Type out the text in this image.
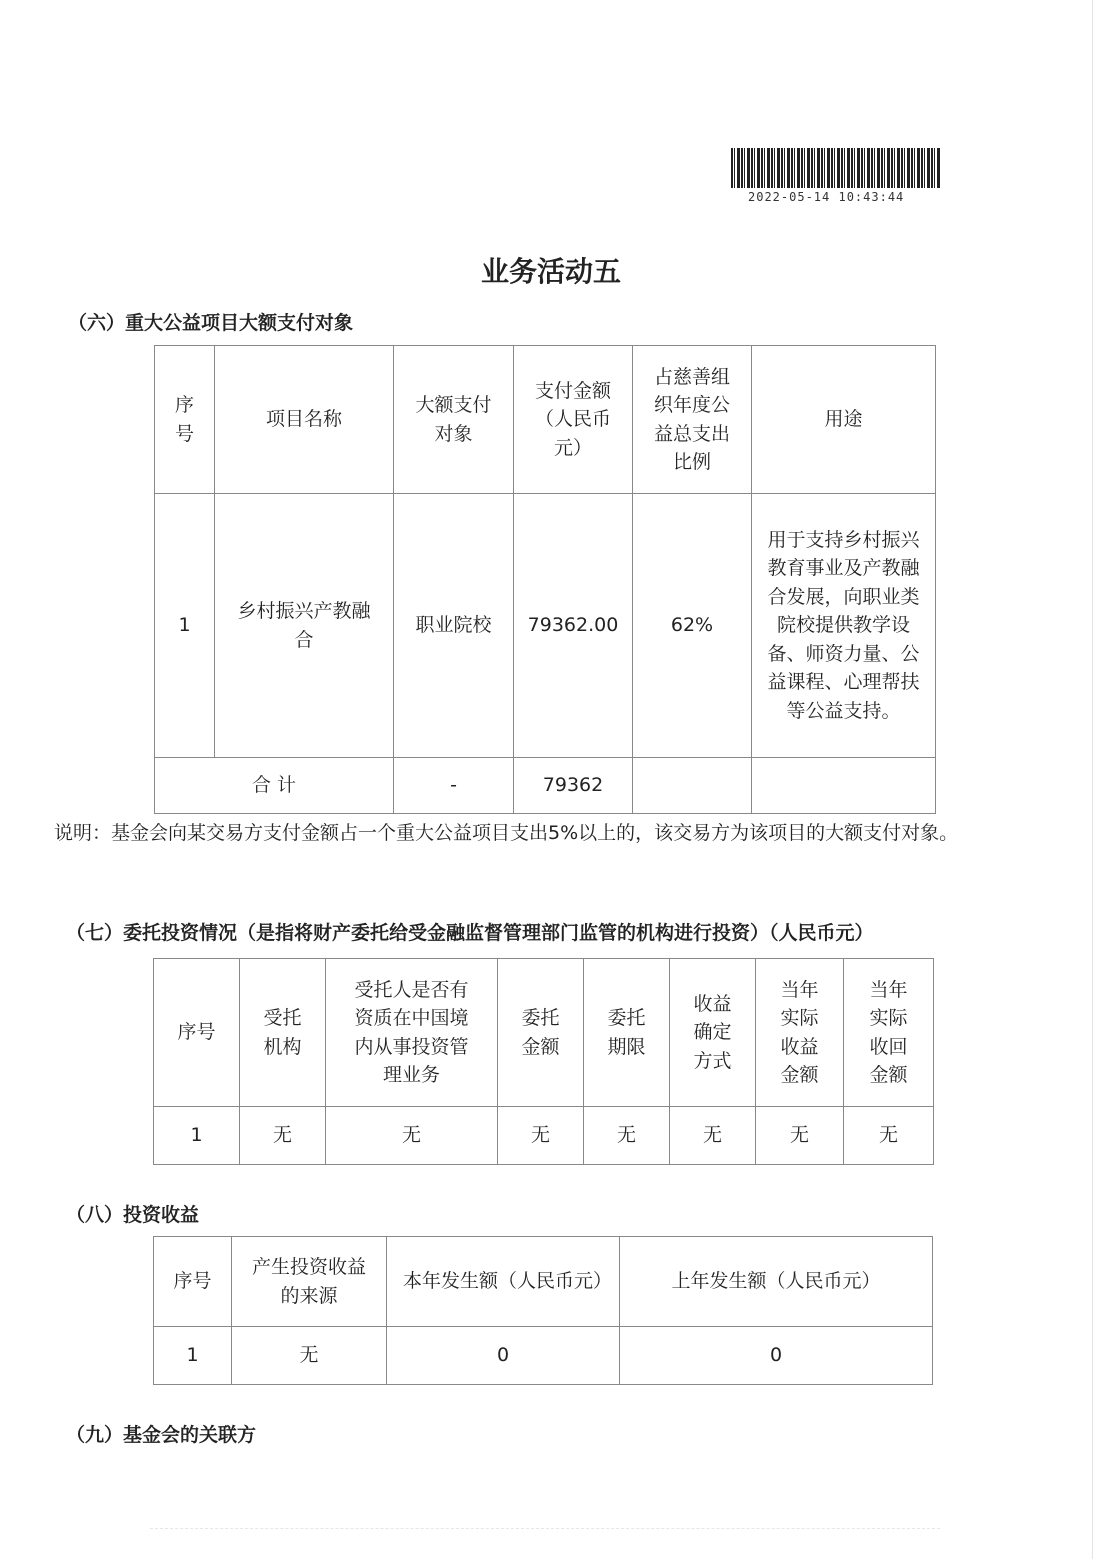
2022-05-14 10:43:44
业务活动五
（六）重大公益项目大额支付对象
序号	项目名称	大额支付对象	支付金额（人民币元）	占慈善组织年度公益总支出比例	用途
1	乡村振兴产教融合	职业院校	79362.00	62%	用于支持乡村振兴教育事业及产教融合发展，向职业类院校提供教学设备、师资力量、公益课程、心理帮扶等公益支持。
合 计		-	79362		
说明：基金会向某交易方支付金额占一个重大公益项目支出5%以上的，该交易方为该项目的大额支付对象。
（七）委托投资情况（是指将财产委托给受金融监督管理部门监管的机构进行投资）（人民币元）
序号	受托机构	受托人是否有资质在中国境内从事投资管理业务	委托金额	委托期限	收益确定方式	当年实际收益金额	当年实际收回金额
1	无	无	无	无	无	无	无
（八）投资收益
序号	产生投资收益的来源	本年发生额（人民币元）	上年发生额（人民币元）
1	无	0	0
（九）基金会的关联方
